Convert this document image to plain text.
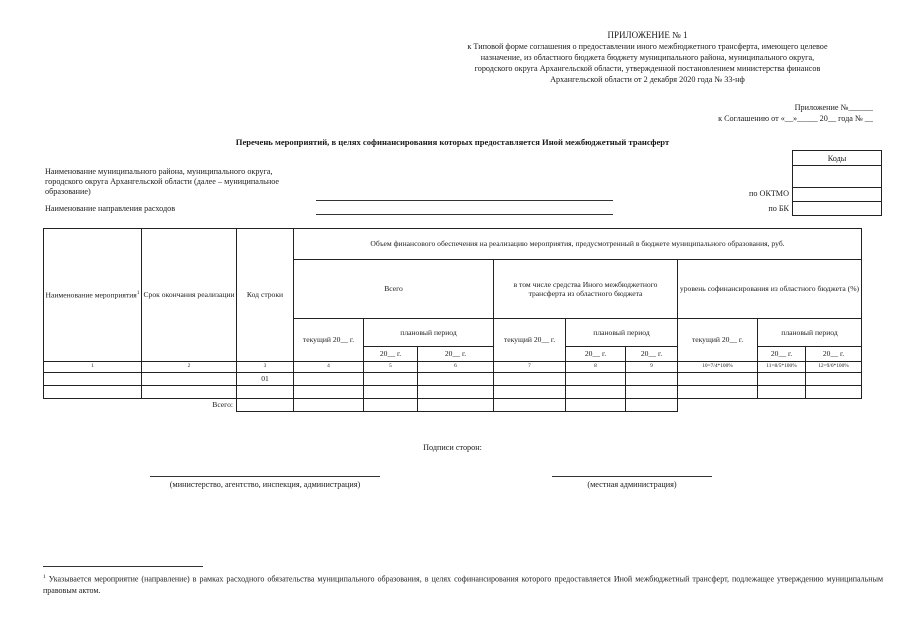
ПРИЛОЖЕНИЕ № 1
к Типовой форме соглашения о предоставлении иного межбюджетного трансферта, имеющего целевое
назначение, из областного бюджета бюджету муниципального района, муниципального округа,
городского округа Архангельской области, утвержденной постановлением министерства финансов
Архангельской области от 2 декабря 2020 года № 33-нф
Приложение №______
к Соглашению от «__»_____ 20__ года № __
Перечень мероприятий, в целях софинансирования которых предоставляется Иной межбюджетный трансферт
Коды

по ОКТМО
по БК
Наименование муниципального района, муниципального округа, городского округа Архангельской области (далее – муниципальное образование)
Наименование направления расходов
Наименование мероприятия$^1$	Срок окончания реализации	Код строки	Объем финансового обеспечения на реализацию мероприятия, предусмотренный в бюджете муниципального образования, руб.								
			Всего			в том числе средства Иного межбюджетного трансферта из областного бюджета			уровень софинансирования из областного бюджета (%)		
			текущий 20__ г.	плановый период		текущий 20__ г.	плановый период		текущий 20__ г.	плановый период	
				20__ г.	20__ г.		20__ г.	20__ г.		20__ г.	20__ г.
1	2	3	4	5	6	7	8	9	10=7/4*100%	11=8/5*100%	12=9/6*100%
		01									

Всего:											
Подписи сторон:
(министерство, агентство, инспекция, администрация)	(местная администрация)
$^1$ Указывается мероприятие (направление) в рамках расходного обязательства муниципального образования, в целях софинансирования которого предоставляется Иной межбюджетный трансферт, подлежащее утверждению муниципальным правовым актом.
